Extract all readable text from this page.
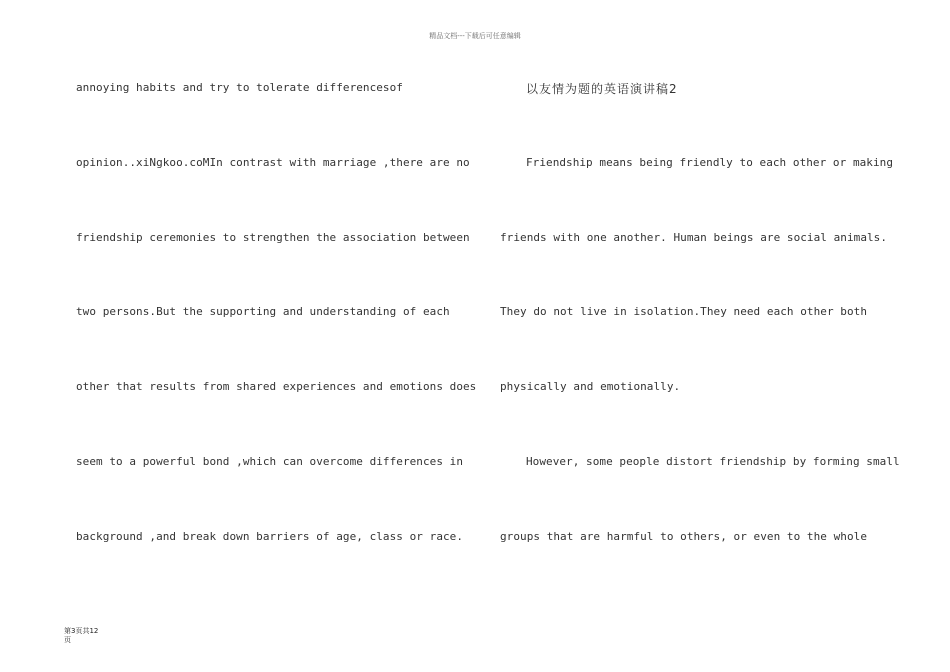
精品文档---下载后可任意编辑
annoying habits and try to tolerate differencesof
opinion..xiNgkoo.coMIn contrast with marriage ,there are no
friendship ceremonies to strengthen the association between
two persons.But the supporting and understanding of each
other that results from shared experiences and emotions does
seem to a powerful bond ,which can overcome differences in
background ,and break down barriers of age, class or race.
以友情为题的英语演讲稿2
Friendship means being friendly to each other or making
friends with one another. Human beings are social animals.
They do not live in isolation.They need each other both
physically and emotionally.
However, some people distort friendship by forming small
groups that are harmful to others, or even to the whole
第3页共12
页
